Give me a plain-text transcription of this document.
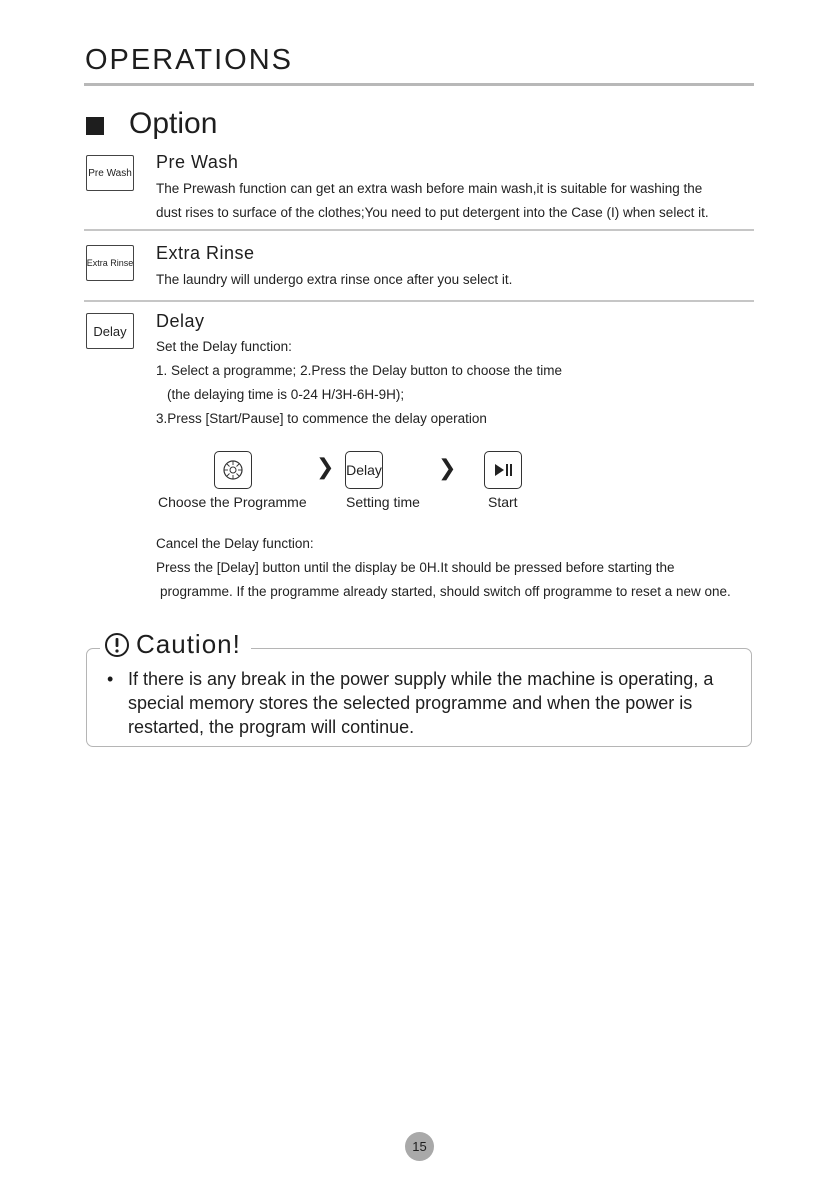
OPERATIONS
Option
Pre Wash
Pre Wash
The Prewash function can get an extra wash before main wash,it is suitable for washing the
dust rises to surface of the clothes;You need to put detergent into the Case (I) when select it.
Extra Rinse Extra Rinse
The laundry will undergo extra rinse once after you select it.
Delay Delay
Set the Delay function:
1. Select a programme; 2.Press the Delay button to choose the time
(the delaying time is 0-24 H/3H-6H-9H);
3.Press [Start/Pause] to commence the delay operation
❯ Delay	❯
Choose the Programme	Setting time	Start
Cancel the Delay function:
Press the [Delay] button until the display be 0H.It should be pressed before starting the
programme. If the programme already started, should switch off programme to reset a new one.
Caution!
• If there is any break in the power supply while the machine is operating, a special memory stores the selected programme and when the power is restarted, the program will continue.
15
